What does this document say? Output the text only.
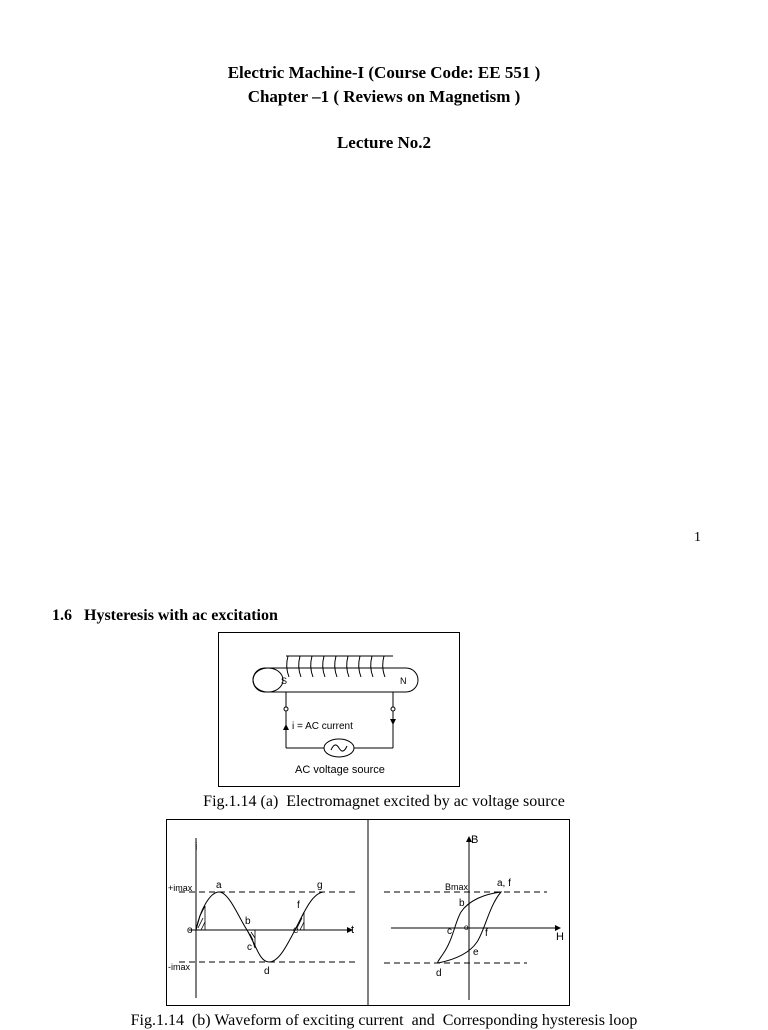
Electric Machine-I (Course Code: EE 551 )
Chapter –1 ( Reviews on Magnetism )
Lecture No.2
1
1.6   Hysteresis with ac excitation
S	N
i = AC current
AC voltage source
Fig.1.14 (a)  Electromagnet excited by ac voltage source
i
t
+imax
-imax
o
a
b
c
d
e
f
g
B
H
Bmax	a, f
b
c o
f
e
d
Fig.1.14  (b) Waveform of exciting current  and  Corresponding hysteresis loop
